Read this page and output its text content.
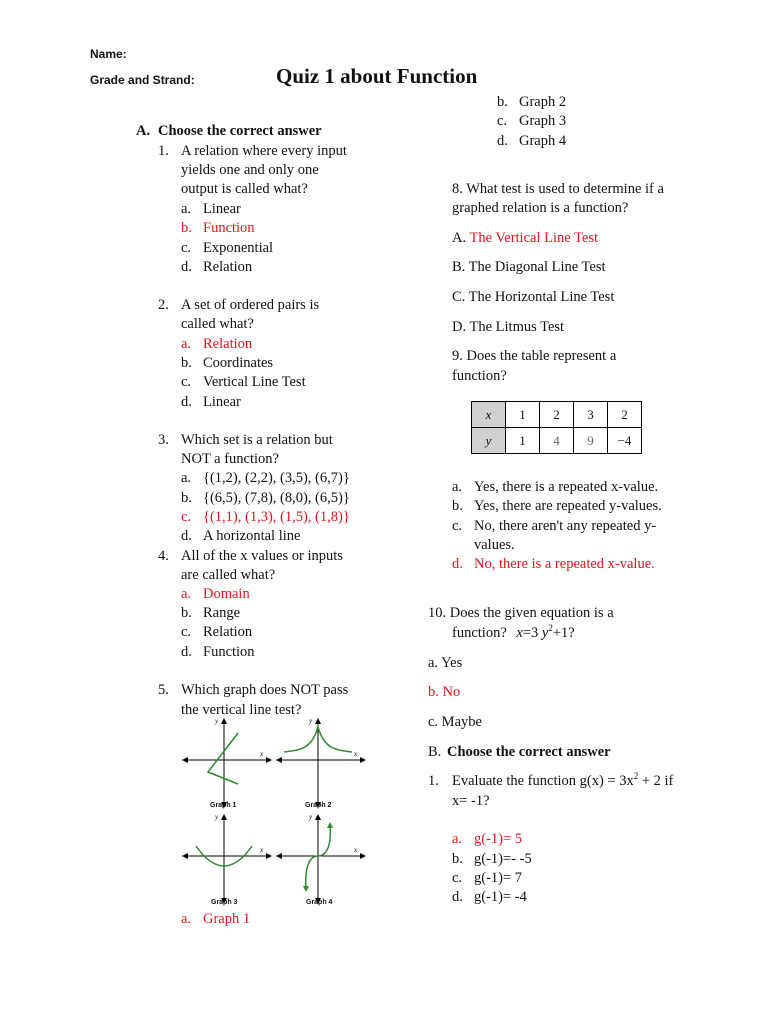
Name:
Grade and Strand:	Quiz 1 about Function
A. Choose the correct answer
1. A relation where every input
yields one and only one
output is called what?
a. Linear
b. Function
c. Exponential
d. Relation
2. A set of ordered pairs is
called what?
a. Relation
b. Coordinates
c. Vertical Line Test
d. Linear
3. Which set is a relation but
NOT a function?
a. {(1,2), (2,2), (3,5), (6,7)}
b. {(6,5), (7,8), (8,0), (6,5)}
c. {(1,1), (1,3), (1,5), (1,8)}
d. A horizontal line
4. All of the x values or inputs
are called what?
a. Domain
b. Range
c. Relation
d. Function
5. Which graph does NOT pass
the vertical line test?
x
y
Graph 1
x
y
Graph 2
x
y
Graph 3
x
y
Graph 4
a. Graph 1
b. Graph 2
c. Graph 3
d. Graph 4
8. What test is used to determine if a
graphed relation is a function?
A. The Vertical Line Test
B. The Diagonal Line Test
C. The Horizontal Line Test
D. The Litmus Test
9. Does the table represent a
function?
x	1	2	3	2
y	1	4	9	−4
a. Yes, there is a repeated x-value.
b. Yes, there are repeated y-values.
c. No, there aren't any repeated y-
values.
d. No, there is a repeated x-value.
10. Does the given equation is a
function? x=3 $y^2+1$?
a. Yes
b. No
c. Maybe
B. Choose the correct answer
1. Evaluate the function $g(x) = 3x^2 + 2$ if
x= -1?
a. g(-1)= 5
b. g(-1)=- -5
c. g(-1)= 7
d. g(-1)= -4
